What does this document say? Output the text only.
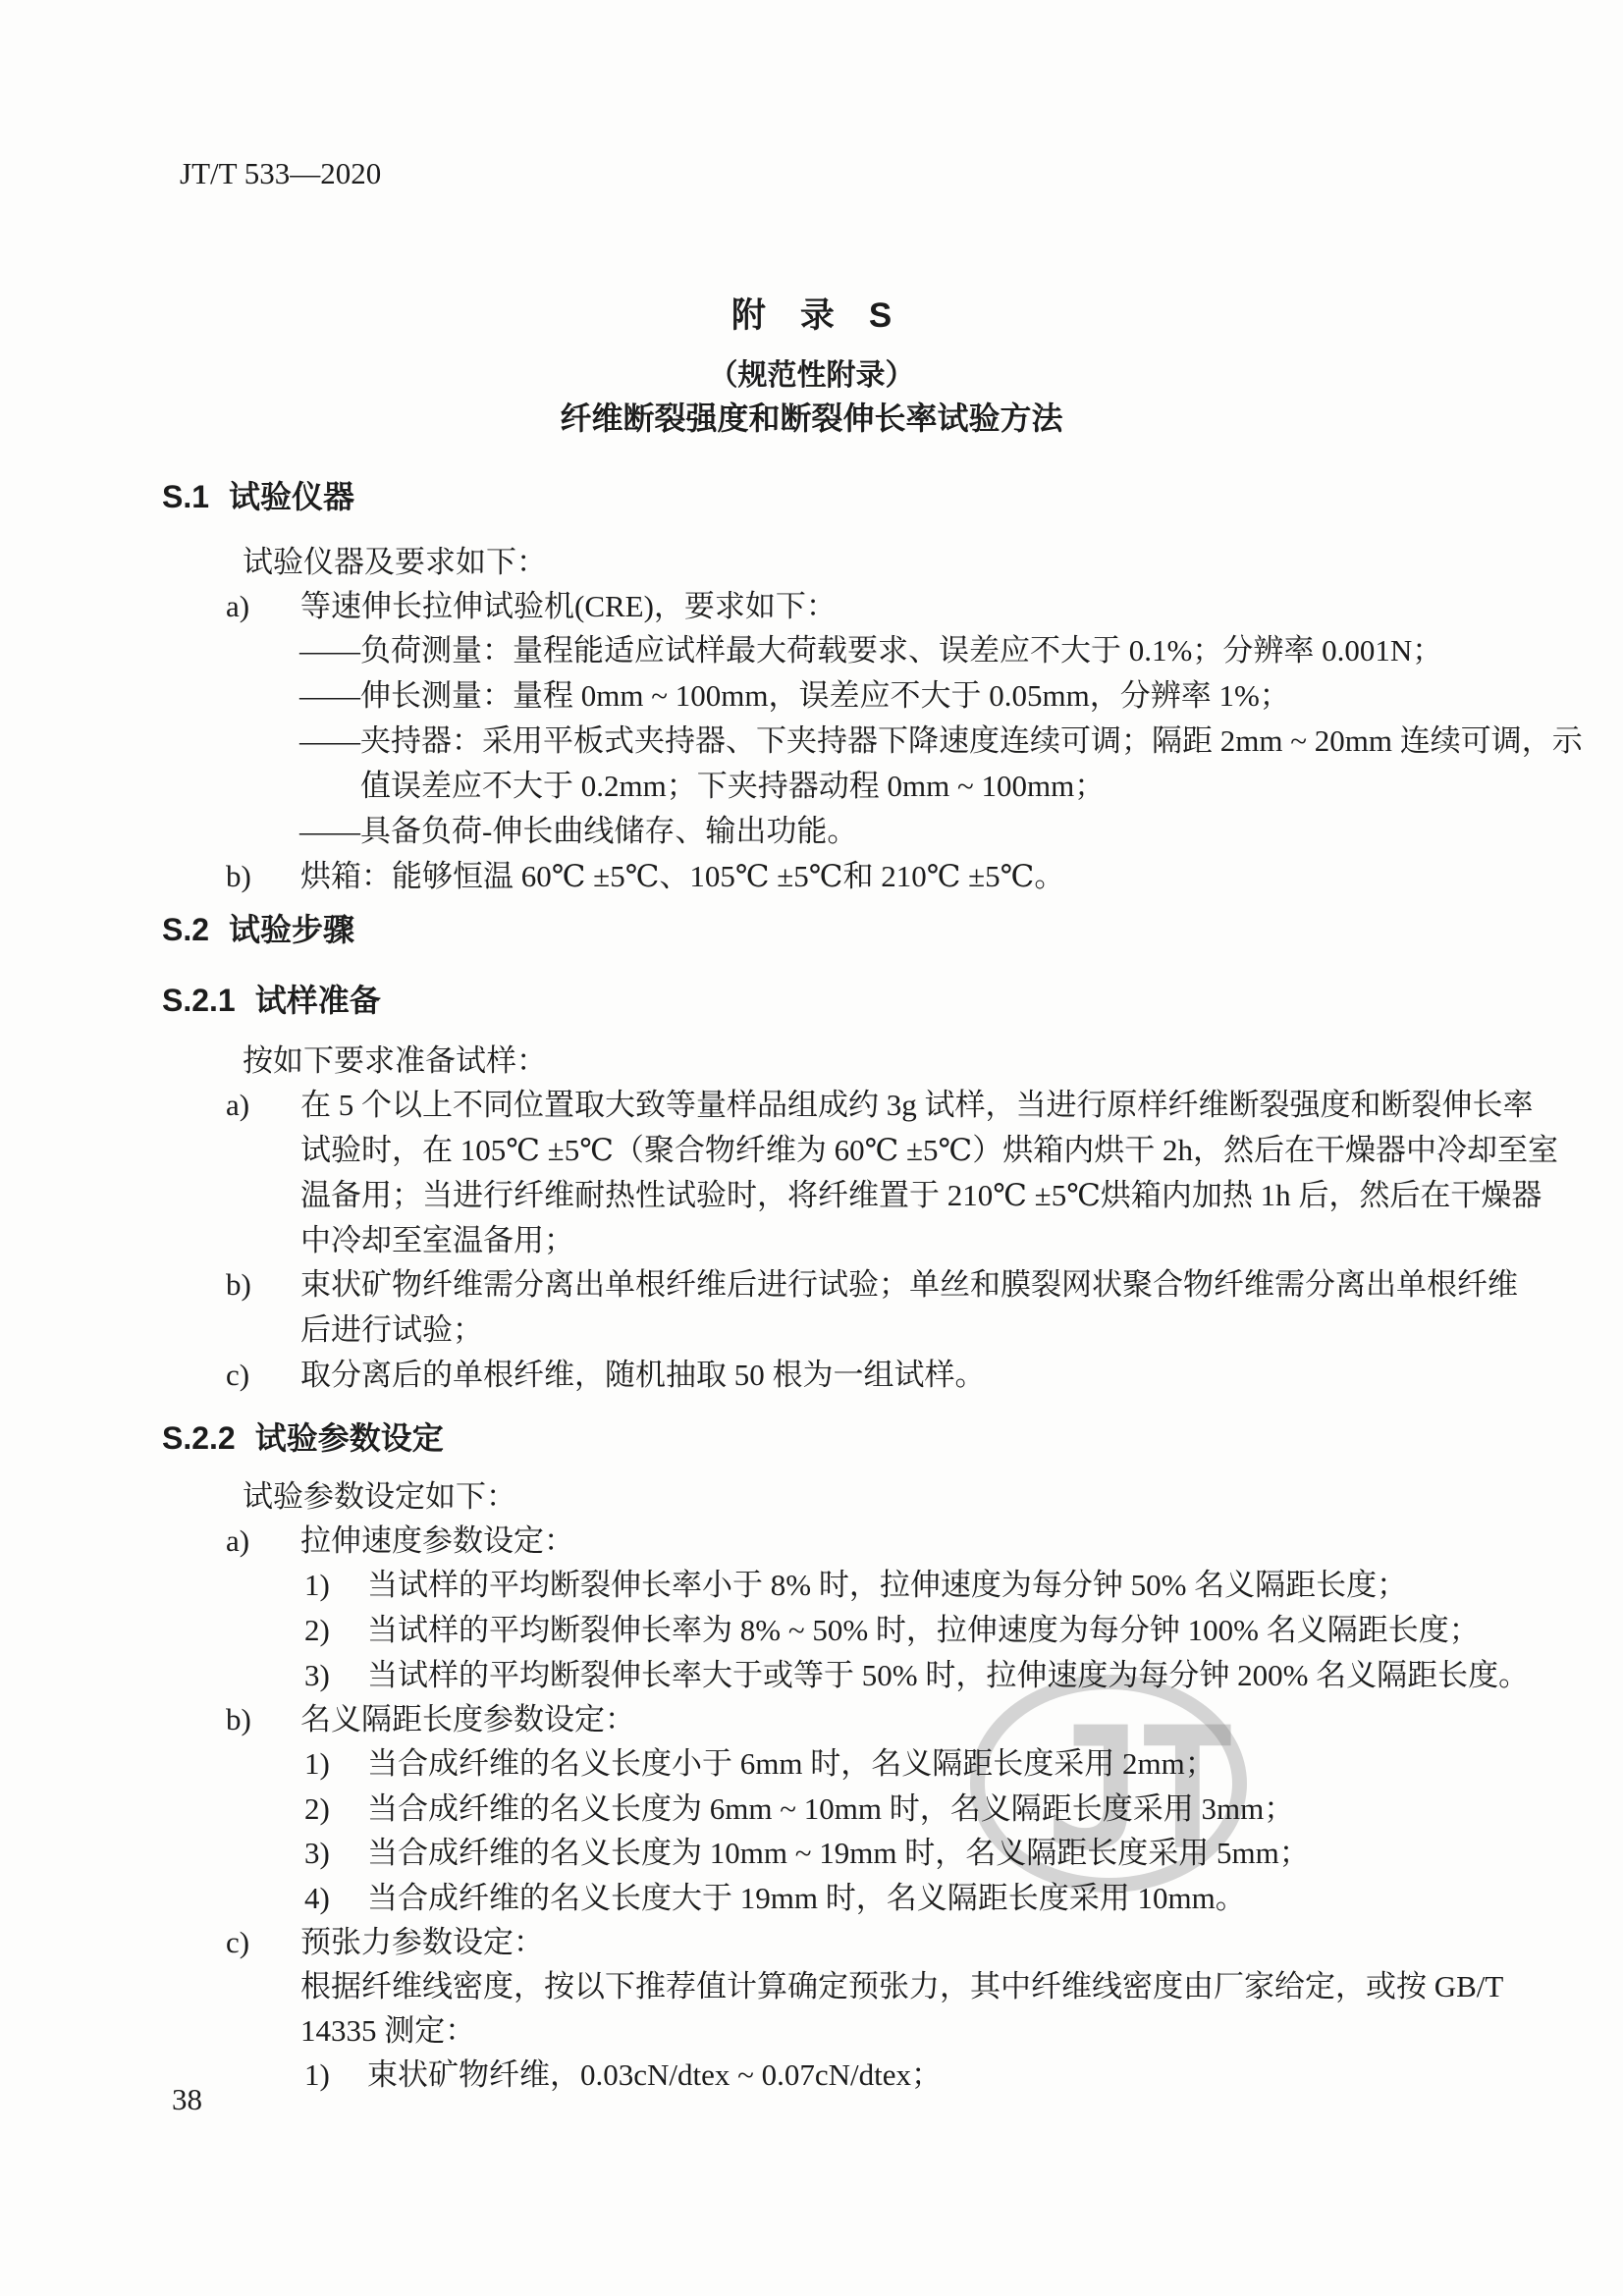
JT
JT/T 533—2020
附　录　S
（规范性附录）
纤维断裂强度和断裂伸长率试验方法
S.1 试验仪器
试验仪器及要求如下：
a)	等速伸长拉伸试验机(CRE)，要求如下：
——负荷测量：量程能适应试样最大荷载要求、误差应不大于 0.1%；分辨率 0.001N；
——伸长测量：量程 0mm ~ 100mm，误差应不大于 0.05mm，分辨率 1%；
——夹持器：采用平板式夹持器、下夹持器下降速度连续可调；隔距 2mm ~ 20mm 连续可调，示
值误差应不大于 0.2mm；下夹持器动程 0mm ~ 100mm；
——具备负荷-伸长曲线储存、输出功能。
b)	烘箱：能够恒温 60℃ ±5℃、105℃ ±5℃和 210℃ ±5℃。
S.2 试验步骤
S.2.1 试样准备
按如下要求准备试样：
a)	在 5 个以上不同位置取大致等量样品组成约 3g 试样，当进行原样纤维断裂强度和断裂伸长率
试验时，在 105℃ ±5℃（聚合物纤维为 60℃ ±5℃）烘箱内烘干 2h，然后在干燥器中冷却至室
温备用；当进行纤维耐热性试验时，将纤维置于 210℃ ±5℃烘箱内加热 1h 后，然后在干燥器
中冷却至室温备用；
b)	束状矿物纤维需分离出单根纤维后进行试验；单丝和膜裂网状聚合物纤维需分离出单根纤维
后进行试验；
c)	取分离后的单根纤维，随机抽取 50 根为一组试样。
S.2.2 试验参数设定
试验参数设定如下：
a)	拉伸速度参数设定：
1)	当试样的平均断裂伸长率小于 8% 时，拉伸速度为每分钟 50% 名义隔距长度；
2)	当试样的平均断裂伸长率为 8% ~ 50% 时，拉伸速度为每分钟 100% 名义隔距长度；
3)	当试样的平均断裂伸长率大于或等于 50% 时，拉伸速度为每分钟 200% 名义隔距长度。
b)	名义隔距长度参数设定：
1)	当合成纤维的名义长度小于 6mm 时，名义隔距长度采用 2mm；
2)	当合成纤维的名义长度为 6mm ~ 10mm 时，名义隔距长度采用 3mm；
3)	当合成纤维的名义长度为 10mm ~ 19mm 时，名义隔距长度采用 5mm；
4)	当合成纤维的名义长度大于 19mm 时，名义隔距长度采用 10mm。
c)	预张力参数设定：
根据纤维线密度，按以下推荐值计算确定预张力，其中纤维线密度由厂家给定，或按 GB/T
14335 测定：
1)	束状矿物纤维，0.03cN/dtex ~ 0.07cN/dtex；
38
